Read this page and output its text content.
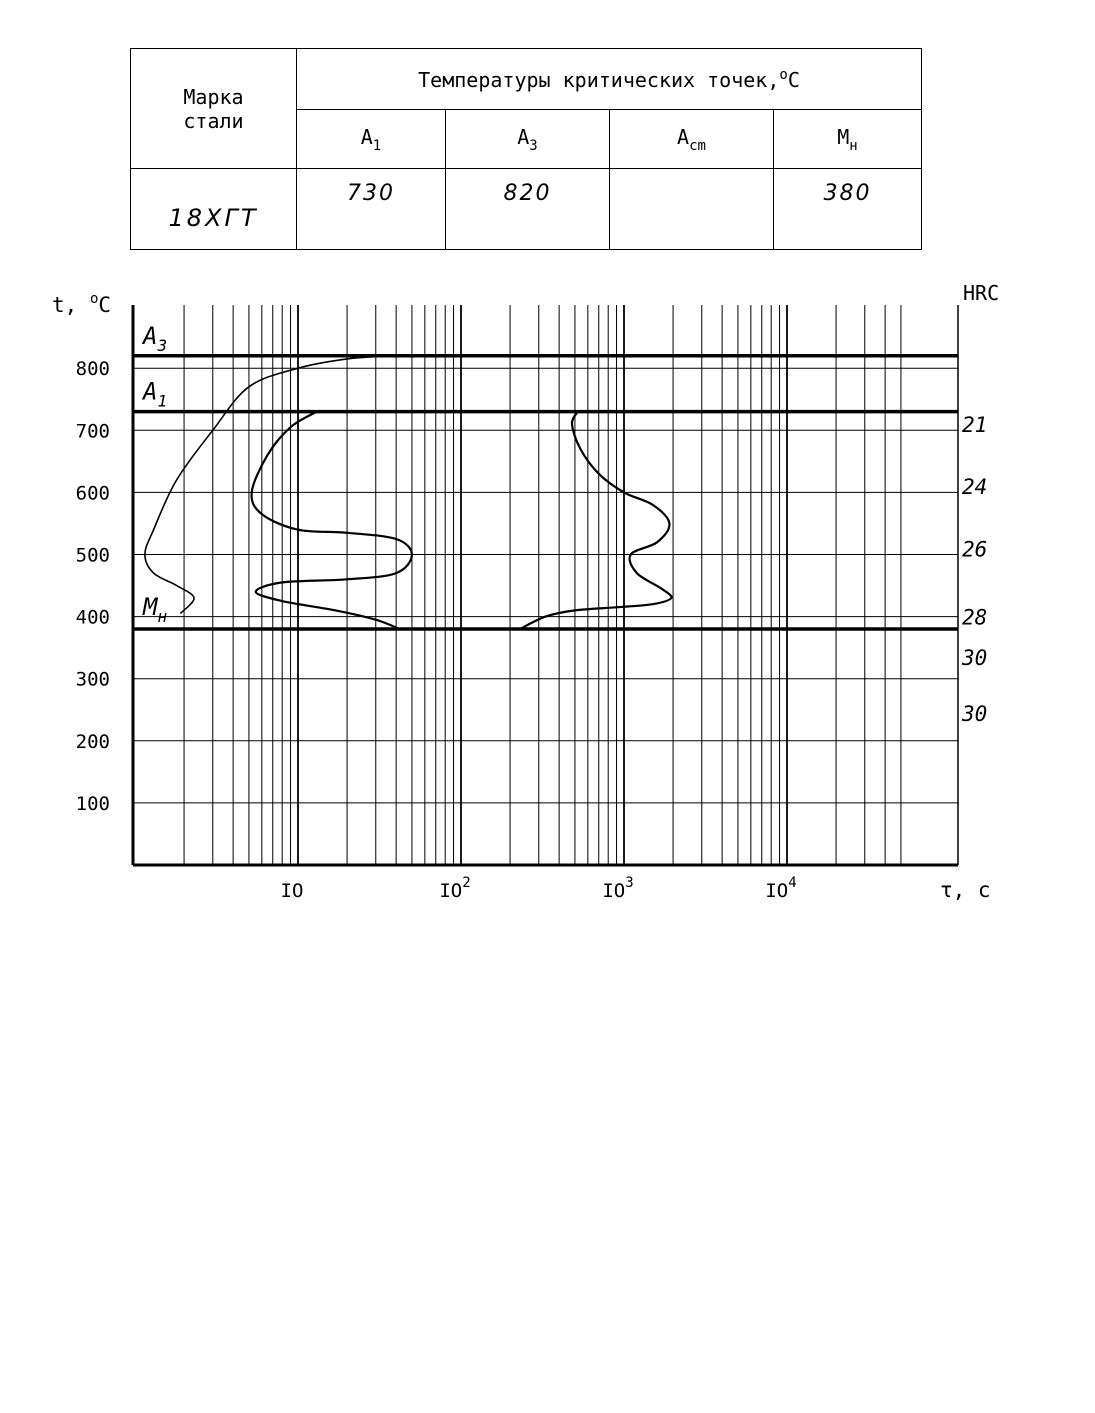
Марка
стали	Температуры критических точек,$^o$C			
	$A_1$	$A_3$	$A_{cm}$	$M_н$
18ХГТ	730	820		380
$A_3$
$A_1$
$M_н$
100
200
300
400
500
600
700
800
IO	$IO^2$	$IO^3$	$IO^4$
t, $^o$C
τ, с
HRC
21
24
26
28
30
30
